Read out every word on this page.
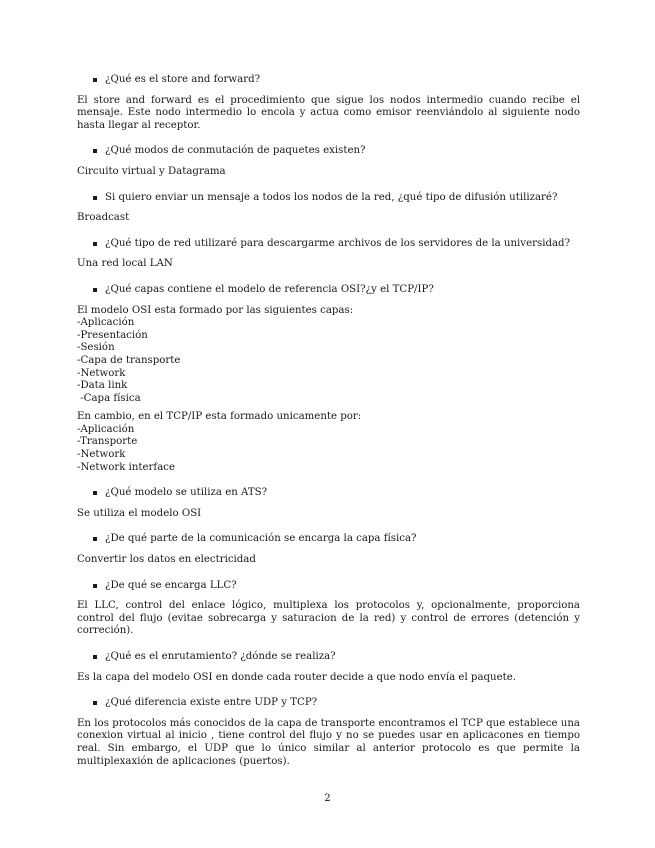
¿Qué es el store and forward?

El store and forward es el procedimiento que sigue los nodos intermedio cuando recibe el mensaje. Este nodo intermedio lo encola y actua como emisor reenviándolo al siguiente nodo hasta llegar al receptor.

¿Qué modos de conmutación de paquetes existen?

Circuito virtual y Datagrama

Si quiero enviar un mensaje a todos los nodos de la red, ¿qué tipo de difusión utilizaré?

Broadcast

¿Qué tipo de red utilizaré para descargarme archivos de los servidores de la universidad?

Una red local LAN

¿Qué capas contiene el modelo de referencia OSI?¿y el TCP/IP?
El modelo OSI esta formado por las siguientes capas:
-Aplicación
-Presentación
-Sesión
-Capa de transporte
-Network
-Data link
-Capa física
En cambio, en el TCP/IP esta formado unicamente por:
-Aplicación
-Transporte
-Network
-Network interface
¿Qué modelo se utiliza en ATS?

Se utiliza el modelo OSI

¿De qué parte de la comunicación se encarga la capa física?

Convertir los datos en electricidad

¿De qué se encarga LLC?

El LLC, control del enlace lógico, multiplexa los protocolos y, opcionalmente, proporciona control del flujo (evitae sobrecarga y saturacion de la red) y control de errores (detención y correción).

¿Qué es el enrutamiento? ¿dónde se realiza?

Es la capa del modelo OSI en donde cada router decide a que nodo envía el paquete.

¿Qué diferencia existe entre UDP y TCP?

En los protocolos más conocidos de la capa de transporte encontramos el TCP que establece una conexion virtual al inicio , tiene control del flujo y no se puedes usar en aplicacones en tiempo real. Sin embargo, el UDP que lo único similar al anterior protocolo es que permite la multiplexaxión de aplicaciones (puertos).

2
